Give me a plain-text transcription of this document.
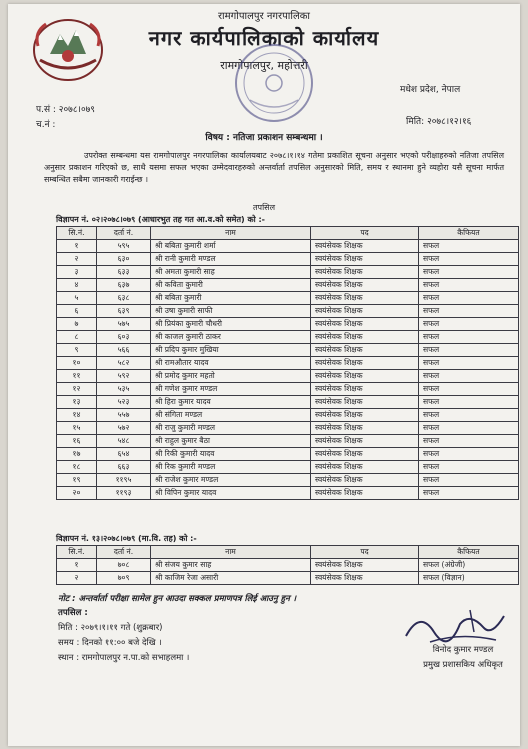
रामगोपालपुर नगरपालिका
नगर कार्यपालिकाको कार्यालय
रामगोपालपुर, महोत्तरी
मधेश प्रदेश, नेपाल
प.सं : २०७८।०७९
च.नं :	मिति: २०७८।१२।१६
विषय : नतिजा प्रकाशन सम्बन्धमा ।
उपरोक्त सम्बन्धमा यस रामगोपालपुर नगरपालिका कार्यालयबाट २०७८।१।१४ गतेमा प्रकाशित सूचना अनुसार भएको परीक्षाहरुको नतिजा तपसिल अनुसार प्रकाशन गरिएको छ, साथै यसमा सफल भएका उम्मेदवारहरुको अन्तर्वार्ता तपसिल अनुसारको मिति, समय र स्थानमा हुने व्यहोरा यसै सूचना मार्फत सम्बन्धित सबैमा जानकारी गराईन्छ ।
तपसिल
विज्ञापन नं. ०२।२०७८।०७९ (आधारभुत तह गत आ.व.को समेत) को :-
सि.नं.	दर्ता नं.	नाम	पद	कैफियत
१	५९५	श्री बबिता कुमारी शर्मा	स्वयंसेवक शिक्षक	सफल
२	६३०	श्री रानी कुमारी मण्डल	स्वयंसेवक शिक्षक	सफल
३	६३३	श्री अमता कुमारी साह	स्वयंसेवक शिक्षक	सफल
४	६३७	श्री कविता कुमारी	स्वयंसेवक शिक्षक	सफल
५	६३८	श्री बबिता कुमारी	स्वयंसेवक शिक्षक	सफल
६	६३९	श्री उषा कुमारी साफी	स्वयंसेवक शिक्षक	सफल
७	५७५	श्री प्रियंका कुमारी चौधरी	स्वयंसेवक शिक्षक	सफल
८	६०३	श्री काजल कुमारी ठाकर	स्वयंसेवक शिक्षक	सफल
९	५६६	श्री प्रदिप कुमार मुखिया	स्वयंसेवक शिक्षक	सफल
१०	५८२	श्री रामऔतार यादव	स्वयंसेवक शिक्षक	सफल
११	५९२	श्री प्रमोद कुमार महतो	स्वयंसेवक शिक्षक	सफल
१२	५३५	श्री गणेश कुमार मण्डल	स्वयंसेवक शिक्षक	सफल
१३	५२३	श्री हिरा कुमार यादव	स्वयंसेवक शिक्षक	सफल
१४	५५७	श्री संगिता मण्डल	स्वयंसेवक शिक्षक	सफल
१५	५७२	श्री राजु कुमारी मण्डल	स्वयंसेवक शिक्षक	सफल
१६	५४८	श्री राहुल कुमार बैठा	स्वयंसेवक शिक्षक	सफल
१७	६५४	श्री रिकी कुमारी यादव	स्वयंसेवक शिक्षक	सफल
१८	६६३	श्री रिक कुमारी मण्डल	स्वयंसेवक शिक्षक	सफल
१९	११९५	श्री राजेश कुमार मण्डल	स्वयंसेवक शिक्षक	सफल
२०	११९३	श्री विपिन कुमार यादव	स्वयंसेवक शिक्षक	सफल
विज्ञापन नं. १३।२०७८।०७९ (मा.वि. तह) को :-
सि.नं.	दर्ता नं.	नाम	पद	कैफियत
१	७०८	श्री संजय कुमार साह	स्वयंसेवक शिक्षक	सफल (अंग्रेजी)
२	७०९	श्री काजिम रेजा असारी	स्वयंसेवक शिक्षक	सफल (विज्ञान)
नोट : अन्तर्वार्ता परीक्षा सामेल हुन आउदा सक्कल प्रमाणपत्र लिई आउनु हुन ।
तपसिल :
मिति : २०७९।१।११ गते (शुक्रबार)
समय : दिनको ११:०० बजे देखि ।
स्थान : रामगोपालपुर न.पा.को सभाहलमा ।
विनोद कुमार मण्डल
प्रमुख प्रशासकिय अधिकृत
